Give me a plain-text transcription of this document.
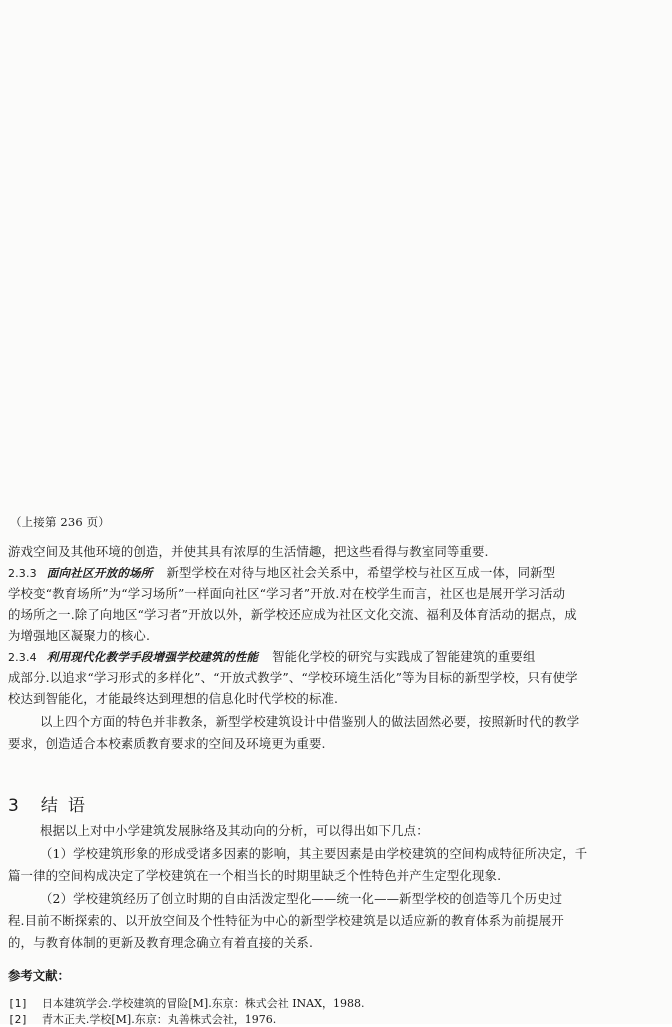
（上接第 236 页）
游戏空间及其他环境的创造，并使其具有浓厚的生活情趣，把这些看得与教室同等重要.
2.3.3 面向社区开放的场所 新型学校在对待与地区社会关系中，希望学校与社区互成一体，同新型
学校变“教育场所”为“学习场所”一样面向社区“学习者”开放.对在校学生而言，社区也是展开学习活动
的场所之一.除了向地区“学习者”开放以外，新学校还应成为社区文化交流、福利及体育活动的据点，成
为增强地区凝聚力的核心.
2.3.4 利用现代化教学手段增强学校建筑的性能 智能化学校的研究与实践成了智能建筑的重要组
成部分.以追求“学习形式的多样化”、“开放式教学”、“学校环境生活化”等为目标的新型学校，只有使学
校达到智能化，才能最终达到理想的信息化时代学校的标准.
以上四个方面的特色并非教条，新型学校建筑设计中借鉴别人的做法固然必要，按照新时代的教学
要求，创造适合本校素质教育要求的空间及环境更为重要.
3 结语
根据以上对中小学建筑发展脉络及其动向的分析，可以得出如下几点：
（1）学校建筑形象的形成受诸多因素的影响，其主要因素是由学校建筑的空间构成特征所决定，千
篇一律的空间构成决定了学校建筑在一个相当长的时期里缺乏个性特色并产生定型化现象.
（2）学校建筑经历了创立时期的自由活泼定型化——统一化——新型学校的创造等几个历史过
程.目前不断探索的、以开放空间及个性特征为中心的新型学校建筑是以适应新的教育体系为前提展开
的，与教育体制的更新及教育理念确立有着直接的关系.
参考文献：
[1] 日本建筑学会.学校建筑的冒险[M].东京：株式会社 INAX，1988.
[2] 青木正夫.学校[M].东京：丸善株式会社，1976.
